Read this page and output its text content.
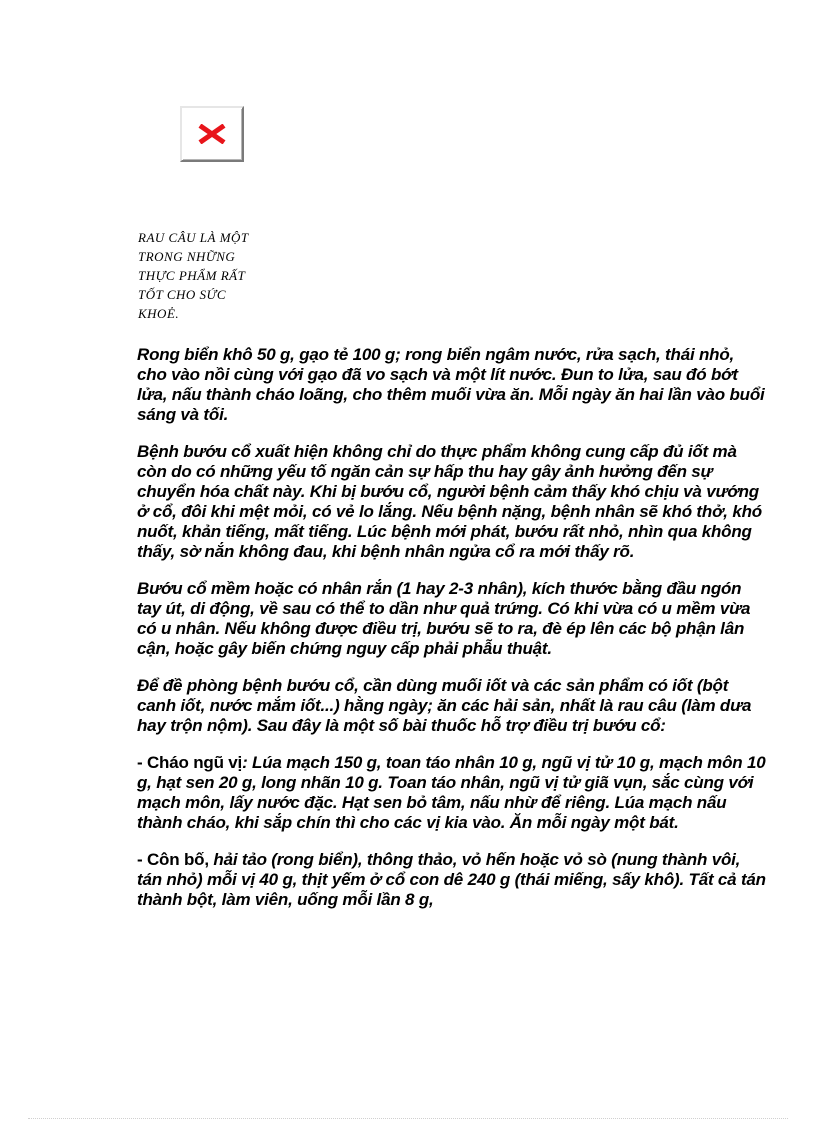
RAU CÂU LÀ MỘT
TRONG NHỮNG
THỰC PHẨM RẤT
TỐT CHO SỨC
KHOẺ.

Rong biển khô 50 g, gạo tẻ 100 g; rong biển ngâm nước, rửa sạch, thái nhỏ, cho vào nồi cùng với gạo đã vo sạch và một lít nước. Đun to lửa, sau đó bớt lửa, nấu thành cháo loãng, cho thêm muối vừa ăn. Mỗi ngày ăn hai lần vào buổi sáng và tối.

Bệnh bướu cổ xuất hiện không chỉ do thực phẩm không cung cấp đủ iốt mà còn do có những yếu tố ngăn cản sự hấp thu hay gây ảnh hưởng đến sự chuyển hóa chất này. Khi bị bướu cổ, người bệnh cảm thấy khó chịu và vướng ở cổ, đôi khi mệt mỏi, có vẻ lo lắng. Nếu bệnh nặng, bệnh nhân sẽ khó thở, khó nuốt, khản tiếng, mất tiếng. Lúc bệnh mới phát, bướu rất nhỏ, nhìn qua không thấy, sờ nắn không đau, khi bệnh nhân ngửa cổ ra mới thấy rõ.

Bướu cổ mềm hoặc có nhân rắn (1 hay 2-3 nhân), kích thước bằng đầu ngón tay út, di động, về sau có thể to dần như quả trứng. Có khi vừa có u mềm vừa có u nhân. Nếu không được điều trị, bướu sẽ to ra, đè ép lên các bộ phận lân cận, hoặc gây biến chứng nguy cấp phải phẫu thuật.

Để đề phòng bệnh bướu cổ, cần dùng muối iốt và các sản phẩm có iốt (bột canh iốt, nước mắm iốt...) hằng ngày; ăn các hải sản, nhất là rau câu (làm dưa hay trộn nộm). Sau đây là một số bài thuốc hỗ trợ điều trị bướu cổ:

- Cháo ngũ vị: Lúa mạch 150 g, toan táo nhân 10 g, ngũ vị tử 10 g, mạch môn 10 g, hạt sen 20 g, long nhãn 10 g. Toan táo nhân, ngũ vị tử giã vụn, sắc cùng với mạch môn, lấy nước đặc. Hạt sen bỏ tâm, nấu nhừ để riêng. Lúa mạch nấu thành cháo, khi sắp chín thì cho các vị kia vào. Ăn mỗi ngày một bát.

- Côn bố, hải tảo (rong biển), thông thảo, vỏ hến hoặc vỏ sò (nung thành vôi, tán nhỏ) mỗi vị 40 g, thịt yếm ở cổ con dê 240 g (thái miếng, sấy khô). Tất cả tán thành bột, làm viên, uống mỗi lần 8 g,
